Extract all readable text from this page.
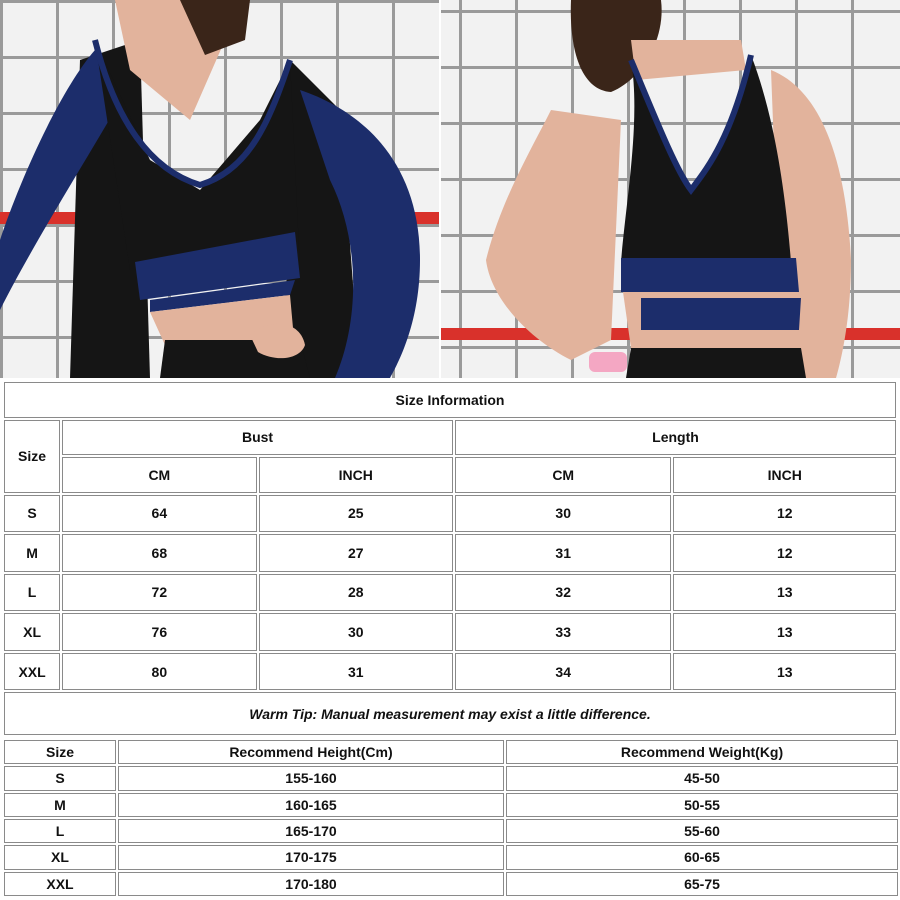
Size Information				
Size	Bust		Length	
	CM	INCH	CM	INCH
S	64	25	30	12
M	68	27	31	12
L	72	28	32	13
XL	76	30	33	13
XXL	80	31	34	13
Warm Tip: Manual measurement may exist a little difference.				
Size	Recommend Height(Cm)	Recommend Weight(Kg)
S	155-160	45-50
M	160-165	50-55
L	165-170	55-60
XL	170-175	60-65
XXL	170-180	65-75
